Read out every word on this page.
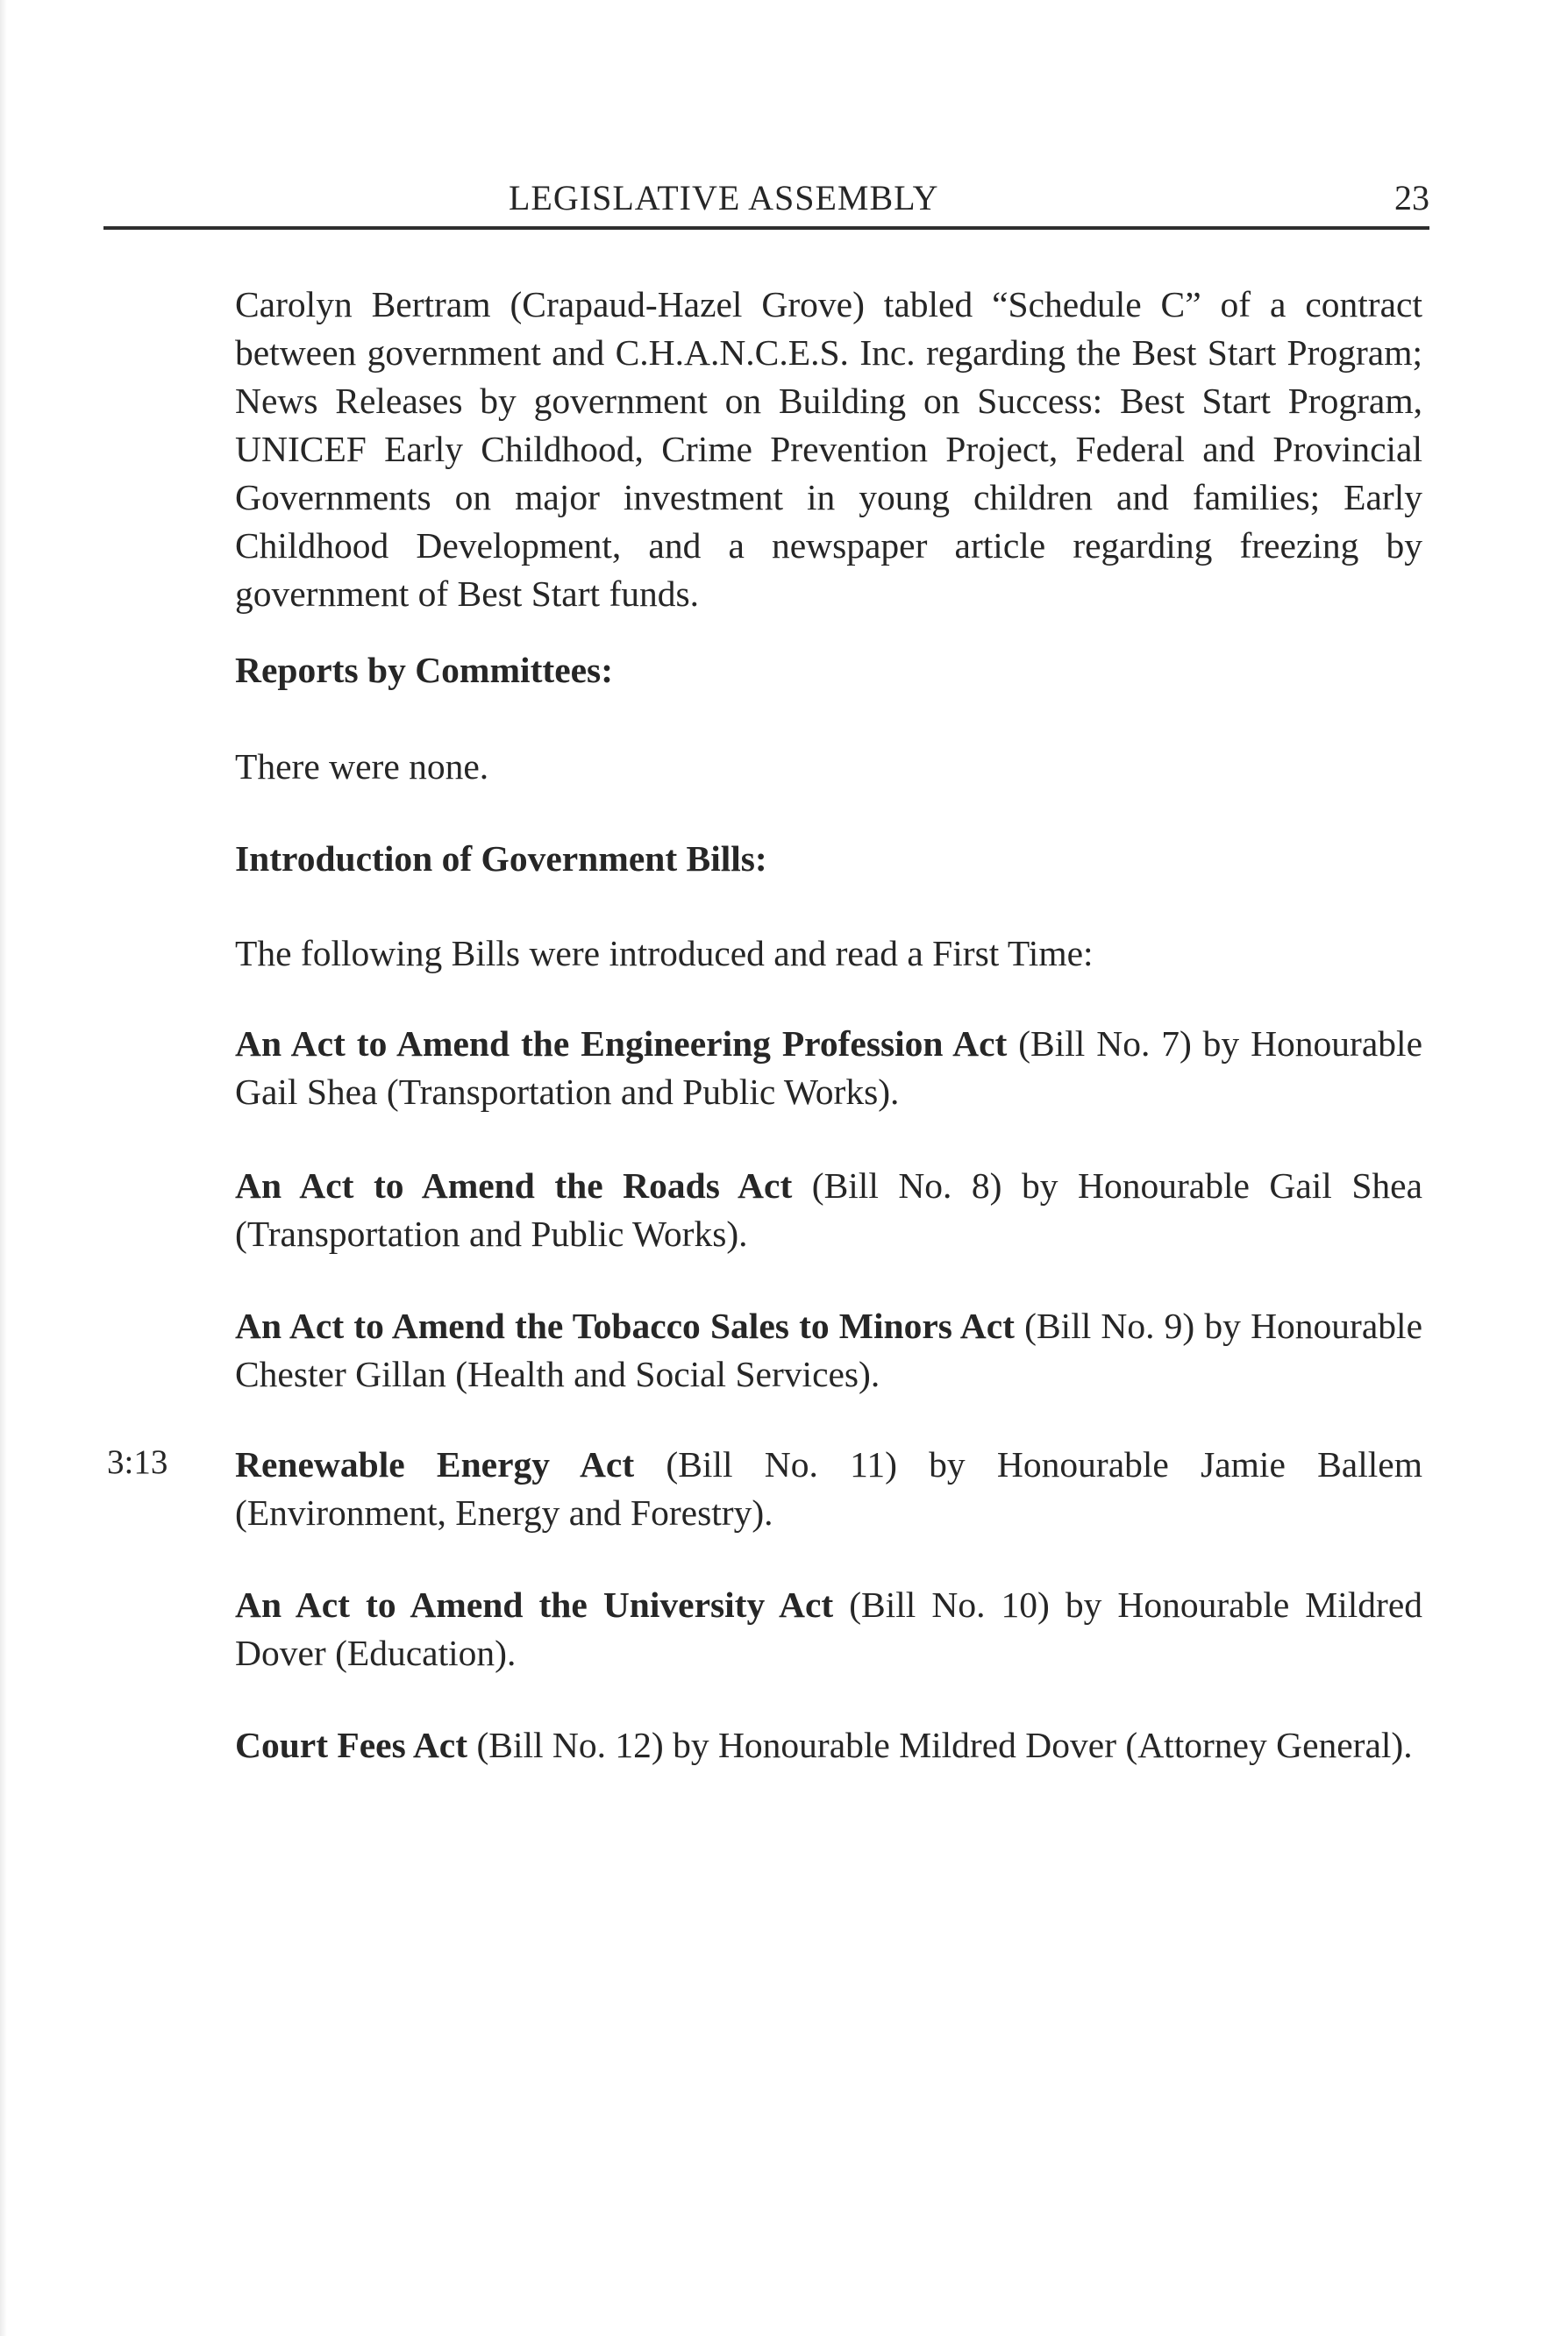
LEGISLATIVE ASSEMBLY	23
Carolyn Bertram (Crapaud-Hazel Grove) tabled “Schedule C” of a contract between government and C.H.A.N.C.E.S. Inc. regarding the Best Start Program; News Releases by government on Building on Success: Best Start Program, UNICEF Early Childhood, Crime Prevention Project, Federal and Provincial Governments on major investment in young children and families; Early Childhood Development, and a newspaper article regarding freezing by government of Best Start funds.
Reports by Committees:
There were none.
Introduction of Government Bills:
The following Bills were introduced and read a First Time:
An Act to Amend the Engineering Profession Act (Bill No. 7) by Honourable Gail Shea (Transportation and Public Works).
An Act to Amend the Roads Act (Bill No. 8) by Honourable Gail Shea (Transportation and Public Works).
An Act to Amend the Tobacco Sales to Minors Act (Bill No. 9) by Honourable Chester Gillan (Health and Social Services).
3:13 Renewable Energy Act (Bill No. 11) by Honourable Jamie Ballem (Environment, Energy and Forestry).
An Act to Amend the University Act (Bill No. 10) by Honourable Mildred Dover (Education).
Court Fees Act (Bill No. 12) by Honourable Mildred Dover (Attorney General).
